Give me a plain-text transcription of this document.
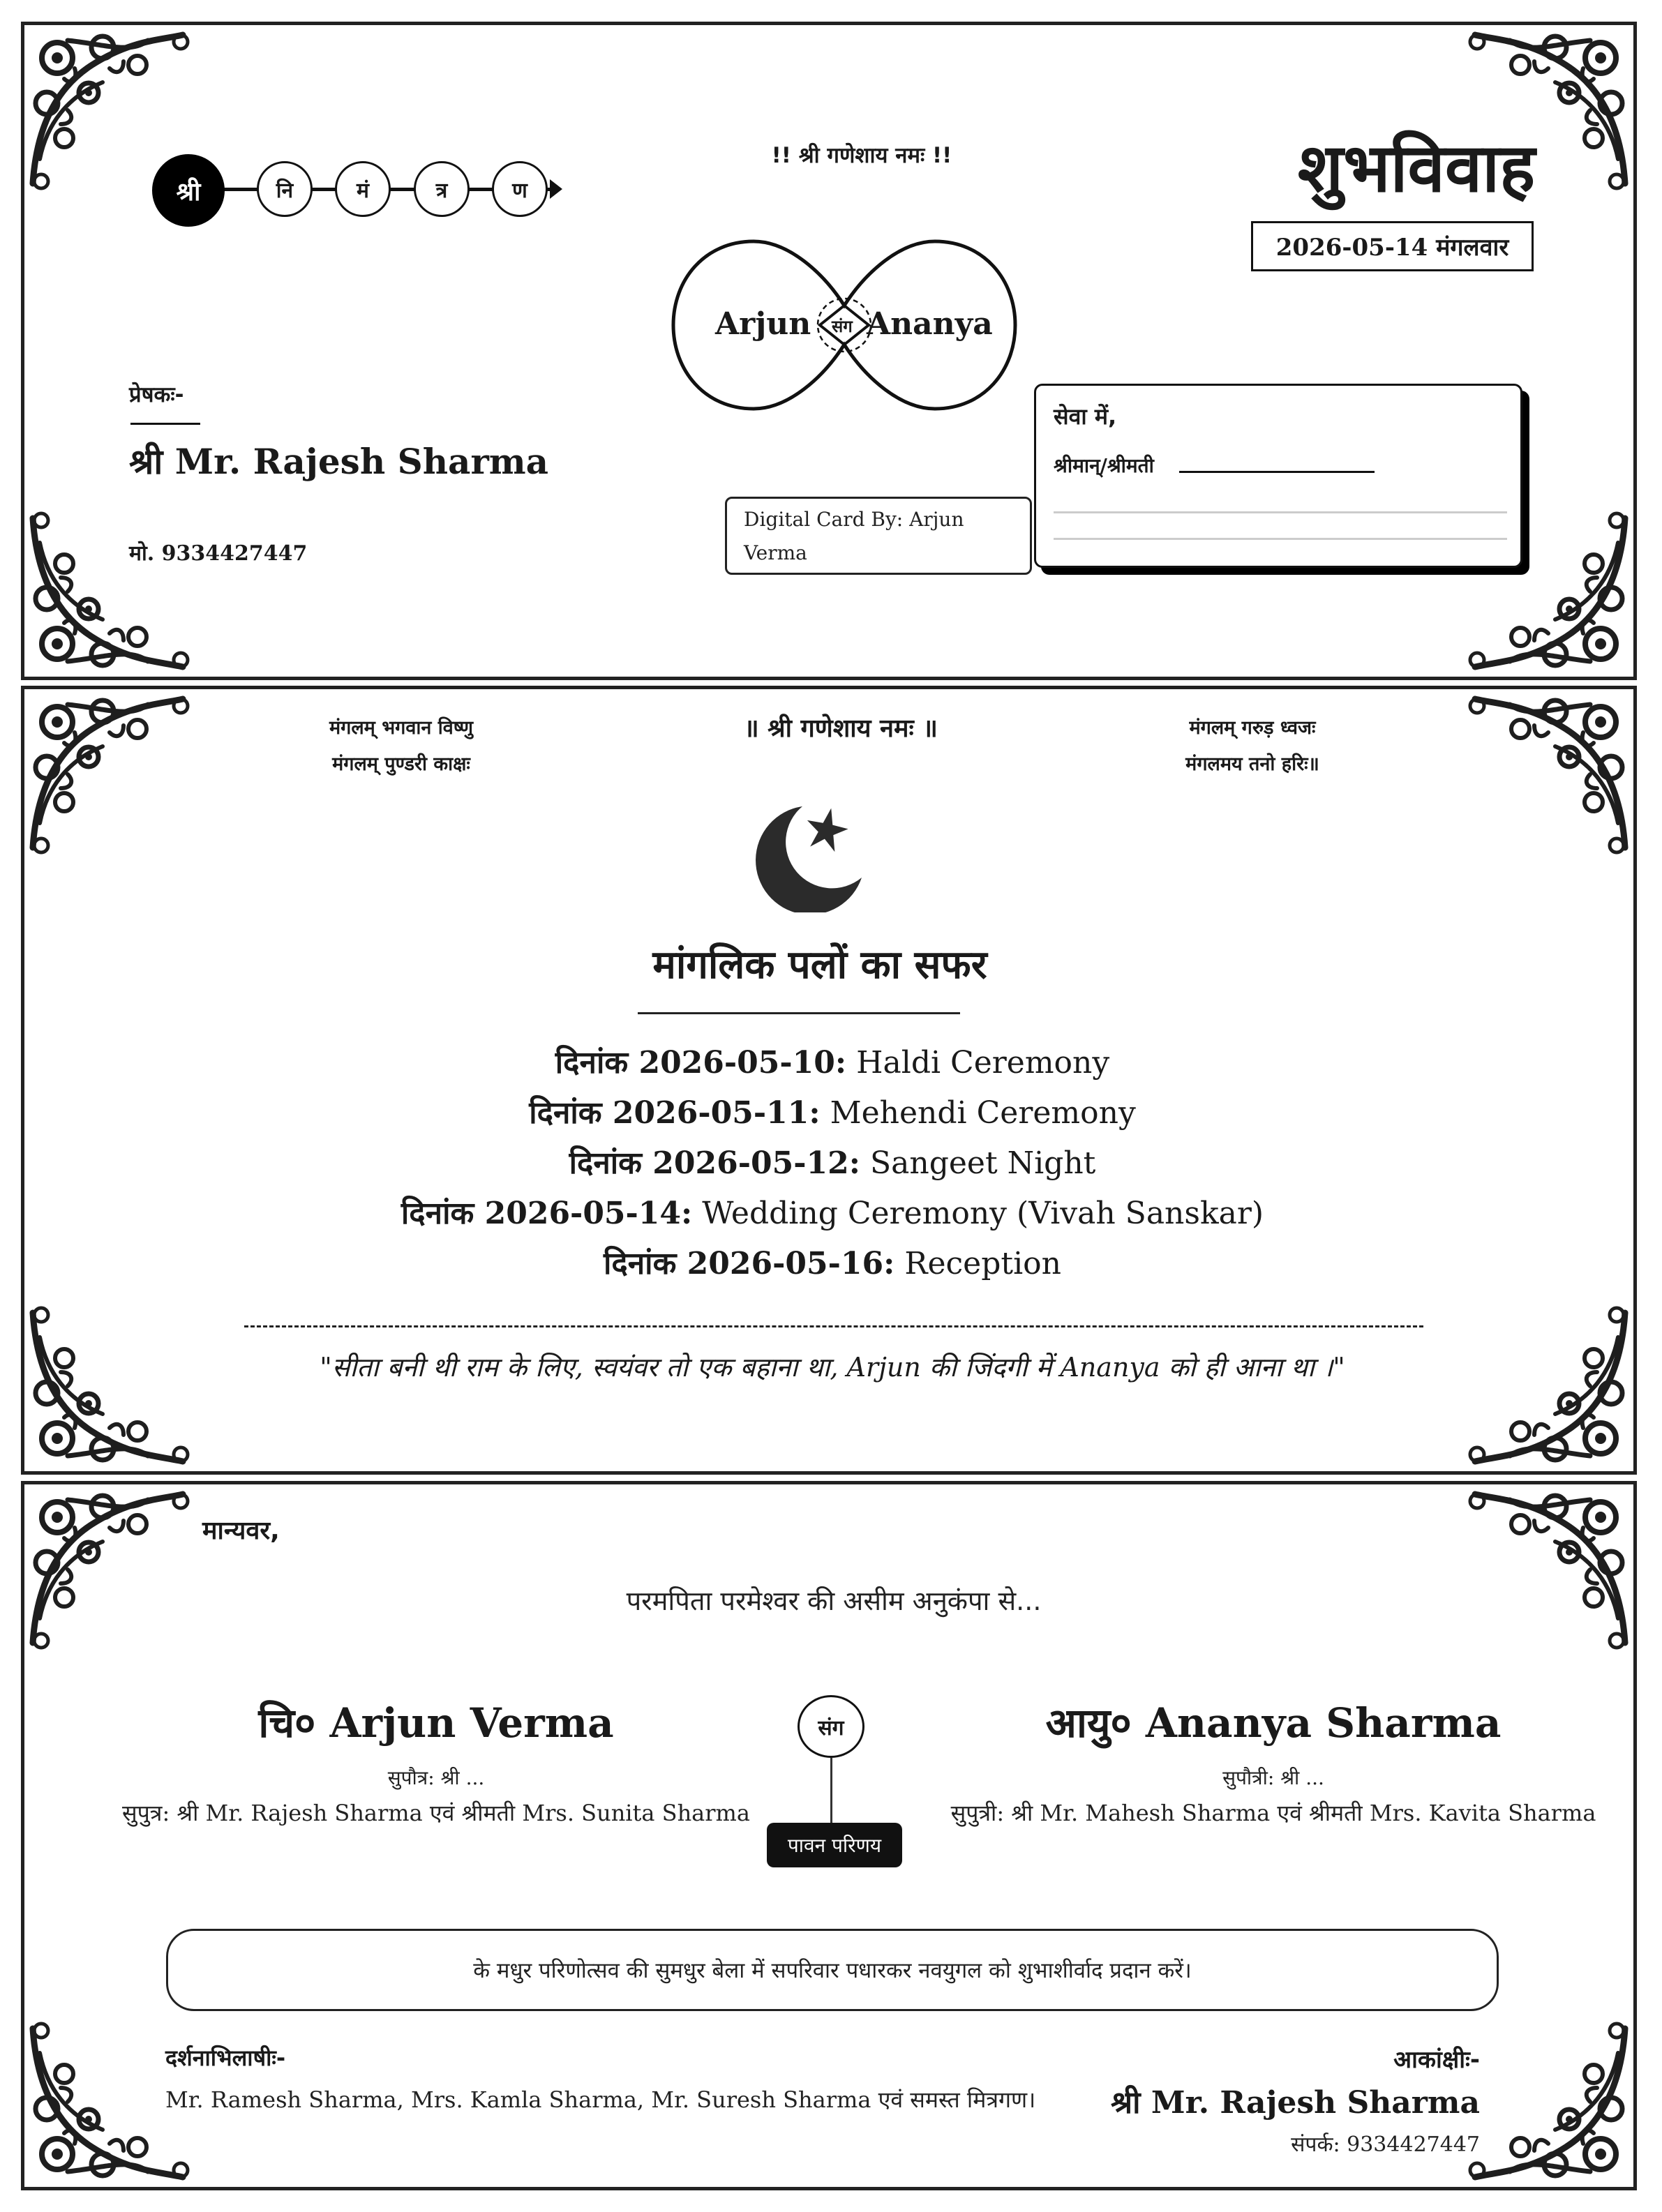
श्री	नि	मं	त्र	ण
!! श्री गणेशाय नमः !!	शुभविवाह
2026-05-14 मंगलवार
Arjun Ananya
संग
प्रेषकः-
श्री Mr. Rajesh Sharma
मो. 9334427447
Digital Card By: Arjun Verma
सेवा में,
श्रीमान्/श्रीमती
मंगलम् भगवान विष्णु
मंगलम् पुण्डरी काक्षः
॥ श्री गणेशाय नमः ॥	मंगलम् गरुड़ ध्वजः
मंगलमय तनो हरिः॥
मांगलिक पलों का सफर
दिनांक 2026-05-10: Haldi Ceremony
दिनांक 2026-05-11: Mehendi Ceremony
दिनांक 2026-05-12: Sangeet Night
दिनांक 2026-05-14: Wedding Ceremony (Vivah Sanskar)
दिनांक 2026-05-16: Reception
"सीता बनी थी राम के लिए, स्वयंवर तो एक बहाना था, Arjun की जिंदगी में Ananya को ही आना था ।"
मान्यवर,
परमपिता परमेश्वर की असीम अनुकंपा से...
चि० Arjun Verma
सुपौत्र: श्री ...
सुपुत्र: श्री Mr. Rajesh Sharma एवं श्रीमती Mrs. Sunita Sharma
संग
पावन परिणय
आयु० Ananya Sharma
सुपौत्री: श्री ...
सुपुत्री: श्री Mr. Mahesh Sharma एवं श्रीमती Mrs. Kavita Sharma
के मधुर परिणोत्सव की सुमधुर बेला में सपरिवार पधारकर नवयुगल को शुभाशीर्वाद प्रदान करें।
दर्शनाभिलाषीः-
Mr. Ramesh Sharma, Mrs. Kamla Sharma, Mr. Suresh Sharma एवं समस्त मित्रगण।
आकांक्षीः-
श्री Mr. Rajesh Sharma
संपर्क: 9334427447
